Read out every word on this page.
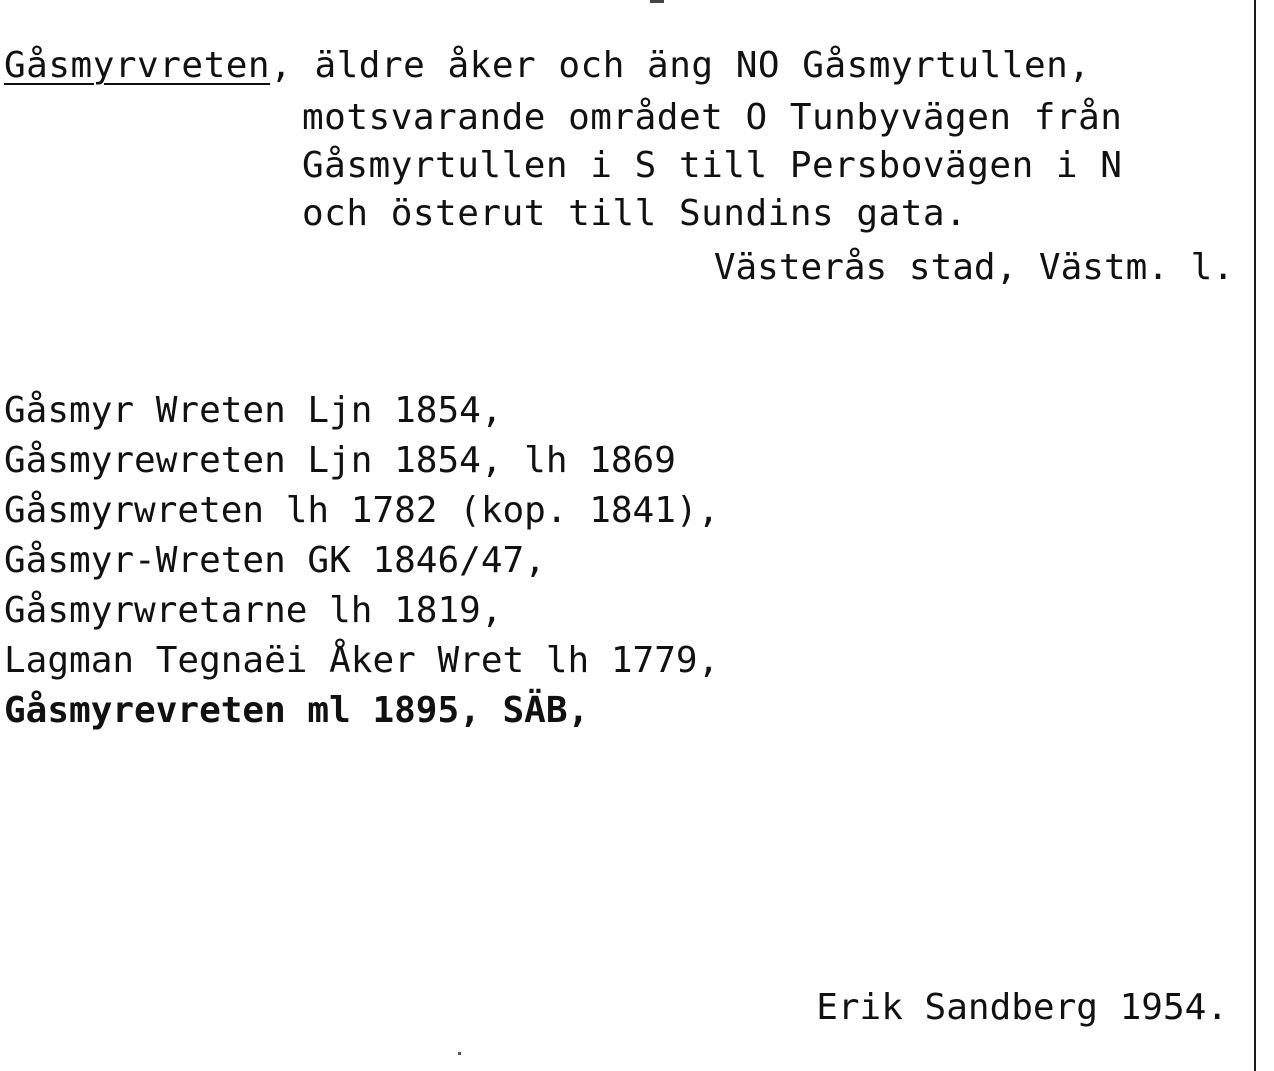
Gåsmyrvreten, äldre åker och äng NO Gåsmyrtullen,
motsvarande området O Tunbyvägen från
Gåsmyrtullen i S till Persbovägen i N
och österut till Sundins gata.
Västerås stad, Västm. l.
Gåsmyr Wreten Ljn 1854,
Gåsmyrewreten Ljn 1854, lh 1869
Gåsmyrwreten lh 1782 (kop. 1841),
Gåsmyr-Wreten GK 1846/47,
Gåsmyrwretarne lh 1819,
Lagman Tegnaëi Åker Wret lh 1779,
Gåsmyrevreten ml 1895, SÄB,
Erik Sandberg 1954.
